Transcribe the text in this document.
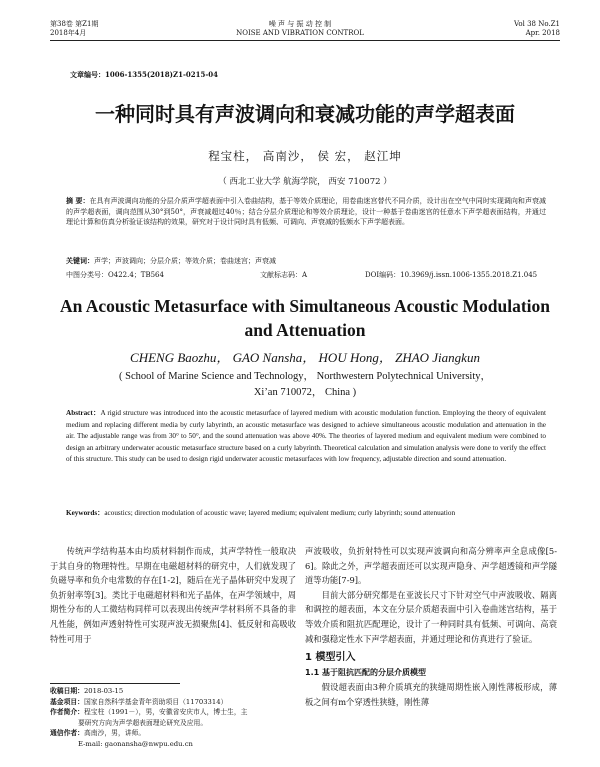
第38卷 第Z1期
2018年4月
噪 声 与 振 动 控 制
NOISE AND VIBRATION CONTROL
Vol 38 No.Z1
Apr. 2018
文章编号：1006-1355(2018)Z1-0215-04
一种同时具有声波调向和衰减功能的声学超表面
程宝柱， 高南沙， 侯 宏， 赵江坤
（ 西北工业大学 航海学院， 西安 710072 ）
摘 要：在具有声波调向功能的分层介质声学超表面中引入卷曲结构，基于等效介质理论，用卷曲迷宫替代不同介质，设计出在空气中同时实现调向和声衰减的声学超表面，调向范围从30°到50°，声衰减超过40％；结合分层介质理论和等效介质理论，设计一种基于卷曲迷宫的任意水下声学超表面结构，并通过理论计算和仿真分析验证该结构的效果，研究对于设计同时具有低频、可调向、声衰减的低频水下声学超表面。
关键词：声学；声波调向；分层介质；等效介质；卷曲迷宫；声衰减
中图分类号：O422.4；TB564	文献标志码：A	DOI编码：10.3969/j.issn.1006-1355.2018.Z1.045
An Acoustic Metasurface with Simultaneous Acoustic Modulation
and Attenuation
CHENG Baozhu， GAO Nansha， HOU Hong， ZHAO Jiangkun
( School of Marine Science and Technology， Northwestern Polytechnical University，
Xi’an 710072， China )
Abstract：A rigid structure was introduced into the acoustic metasurface of layered medium with acoustic modulation function. Employing the theory of equivalent medium and replacing different media by curly labyrinth, an acoustic metasurface was designed to achieve simultaneous acoustic modulation and attenuation in the air. The adjustable range was from 30° to 50°, and the sound attenuation was above 40%. The theories of layered medium and equivalent medium were combined to design an arbitrary underwater acoustic metasurface structure based on a curly labyrinth. Theoretical calculation and simulation analysis were done to verify the effect of this structure. This study can be used to design rigid underwater acoustic metasurfaces with low frequency, adjustable direction and sound attenuation.
Keywords：acoustics; direction modulation of acoustic wave; layered medium; equivalent medium; curly labyrinth; sound attenuation

传统声学结构基本由均质材料制作而成，其声学特性一般取决于其自身的物理特性。早期在电磁超材料的研究中，人们就发现了负磁导率和负介电常数的存在[1-2]，随后在光子晶体研究中发现了负折射率等[3]。类比于电磁超材料和光子晶体，在声学领域中，周期性分布的人工微结构同样可以表现出传统声学材料所不具备的非凡性能，例如声透射特性可实现声波无损聚焦[4]、低反射和高吸收特性可用于

收稿日期：2018-03-15
基金项目：国家自然科学基金青年资助项目（11703314）
作者简介：程宝柱（1991－），男，安徽省安庆市人，博士生，主
要研究方向为声学超表面理论研究及应用。
通信作者：高南沙，男，讲师。
E-mail: gaonansha@nwpu.edu.cn

声波吸收，负折射特性可以实现声波调向和高分辨率声全息成像[5-6]。除此之外，声学超表面还可以实现声隐身、声学超透镜和声学隧道等功能[7-9]。

目前大部分研究都是在亚波长尺寸下针对空气中声波吸收、隔离和调控的超表面，本文在分层介质超表面中引入卷曲迷宫结构，基于等效介质和阻抗匹配理论，设计了一种同时具有低频、可调向、高衰减和强稳定性水下声学超表面，并通过理论和仿真进行了验证。

1 模型引入
1.1 基于阻抗匹配的分层介质模型

假设超表面由3种介质填充的狭缝周期性嵌入刚性薄板形成，薄板之间有m个穿透性狭缝，刚性薄
